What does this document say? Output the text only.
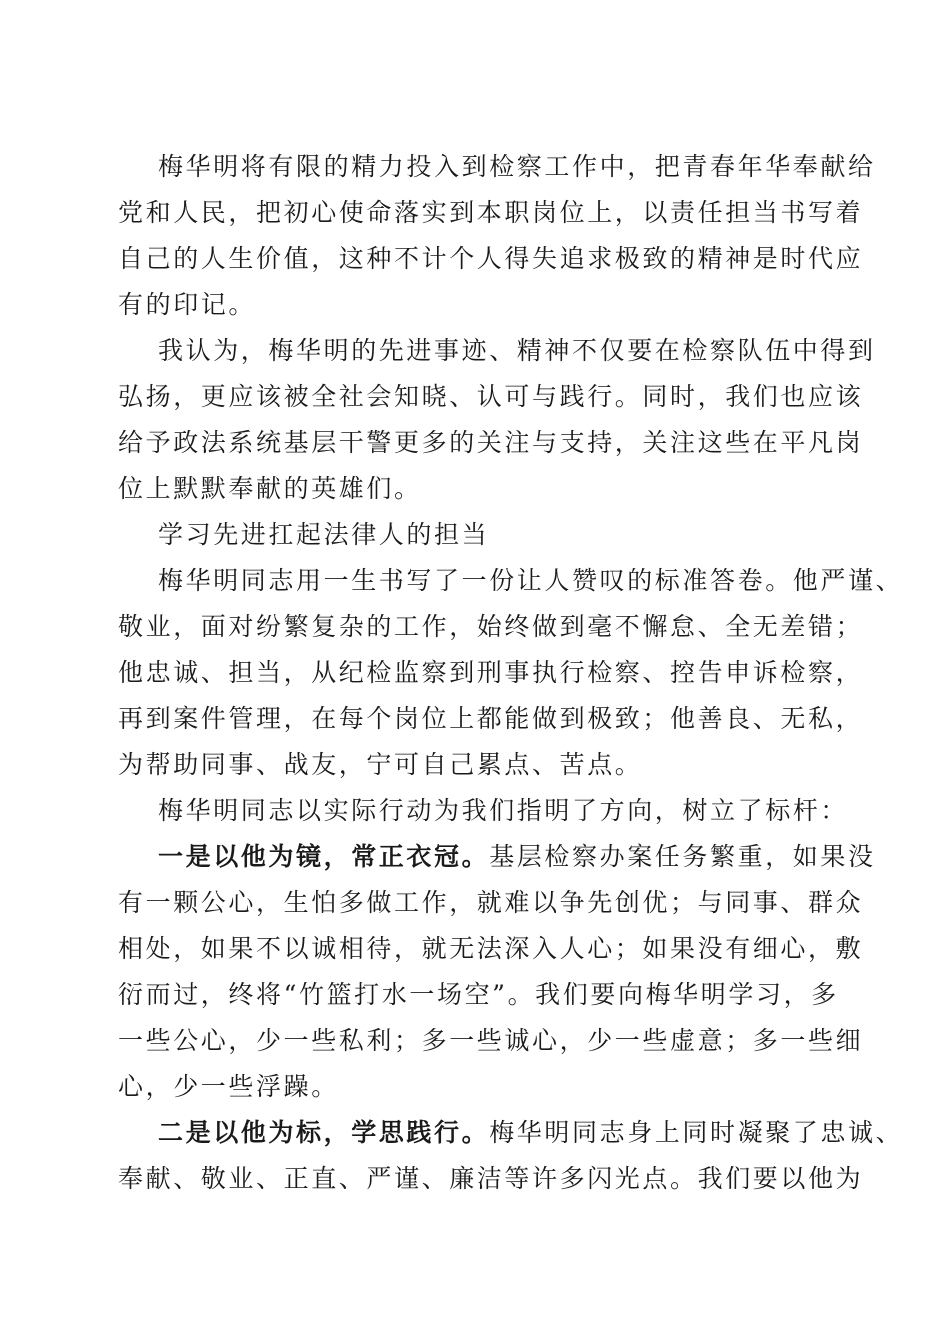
梅华明将有限的精力投入到检察工作中，把青春年华奉献给
党和人民，把初心使命落实到本职岗位上，以责任担当书写着
自己的人生价值，这种不计个人得失追求极致的精神是时代应
有的印记。
我认为，梅华明的先进事迹、精神不仅要在检察队伍中得到
弘扬，更应该被全社会知晓、认可与践行。同时，我们也应该
给予政法系统基层干警更多的关注与支持，关注这些在平凡岗
位上默默奉献的英雄们。
学习先进扛起法律人的担当
梅华明同志用一生书写了一份让人赞叹的标准答卷。他严谨、
敬业，面对纷繁复杂的工作，始终做到毫不懈怠、全无差错；
他忠诚、担当，从纪检监察到刑事执行检察、控告申诉检察，
再到案件管理，在每个岗位上都能做到极致；他善良、无私，
为帮助同事、战友，宁可自己累点、苦点。
梅华明同志以实际行动为我们指明了方向，树立了标杆：
一是以他为镜，常正衣冠。基层检察办案任务繁重，如果没
有一颗公心，生怕多做工作，就难以争先创优；与同事、群众
相处，如果不以诚相待，就无法深入人心；如果没有细心，敷
衍而过，终将“竹篮打水一场空”。我们要向梅华明学习，多
一些公心，少一些私利；多一些诚心，少一些虚意；多一些细
心，少一些浮躁。
二是以他为标，学思践行。梅华明同志身上同时凝聚了忠诚、
奉献、敬业、正直、严谨、廉洁等许多闪光点。我们要以他为
